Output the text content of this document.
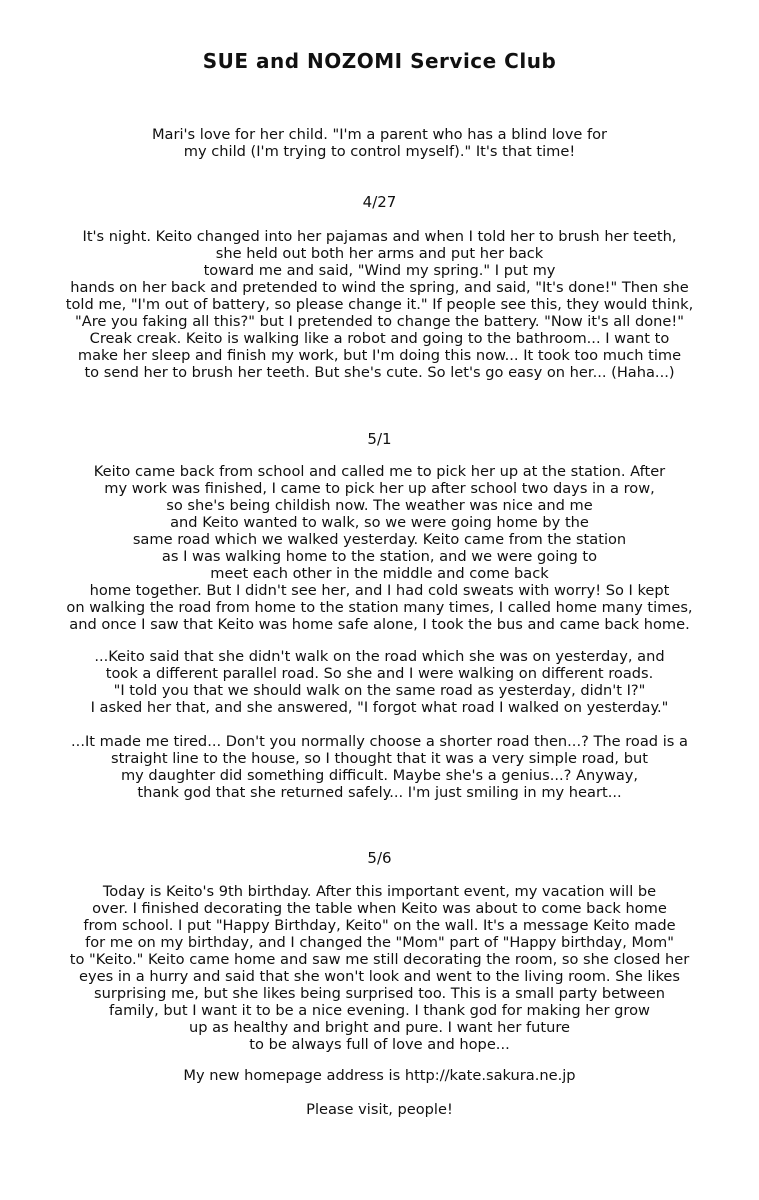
SUE and NOZOMI Service Club
Mari's love for her child. "I'm a parent who has a blind love for
my child (I'm trying to control myself)." It's that time!
4/27
It's night. Keito changed into her pajamas and when I told her to brush her teeth,
she held out both her arms and put her back
toward me and said, "Wind my spring." I put my
hands on her back and pretended to wind the spring, and said, "It's done!" Then she
told me, "I'm out of battery, so please change it." If people see this, they would think,
"Are you faking all this?" but I pretended to change the battery. "Now it's all done!"
Creak creak. Keito is walking like a robot and going to the bathroom... I want to
make her sleep and finish my work, but I'm doing this now... It took too much time
to send her to brush her teeth. But she's cute. So let's go easy on her... (Haha...)
5/1
Keito came back from school and called me to pick her up at the station. After
my work was finished, I came to pick her up after school two days in a row,
so she's being childish now. The weather was nice and me
and Keito wanted to walk, so we were going home by the
same road which we walked yesterday. Keito came from the station
as I was walking home to the station, and we were going to
meet each other in the middle and come back
home together. But I didn't see her, and I had cold sweats with worry! So I kept
on walking the road from home to the station many times, I called home many times,
and once I saw that Keito was home safe alone, I took the bus and came back home.
...Keito said that she didn't walk on the road which she was on yesterday, and
took a different parallel road. So she and I were walking on different roads.
"I told you that we should walk on the same road as yesterday, didn't I?"
I asked her that, and she answered, "I forgot what road I walked on yesterday."
...It made me tired... Don't you normally choose a shorter road then...? The road is a
straight line to the house, so I thought that it was a very simple road, but
my daughter did something difficult. Maybe she's a genius...? Anyway,
thank god that she returned safely... I'm just smiling in my heart...
5/6
Today is Keito's 9th birthday. After this important event, my vacation will be
over. I finished decorating the table when Keito was about to come back home
from school. I put "Happy Birthday, Keito" on the wall. It's a message Keito made
for me on my birthday, and I changed the "Mom" part of "Happy birthday, Mom"
to "Keito." Keito came home and saw me still decorating the room, so she closed her
eyes in a hurry and said that she won't look and went to the living room. She likes
surprising me, but she likes being surprised too. This is a small party between
family, but I want it to be a nice evening. I thank god for making her grow
up as healthy and bright and pure. I want her future
to be always full of love and hope...
My new homepage address is http://kate.sakura.ne.jp
Please visit, people!
